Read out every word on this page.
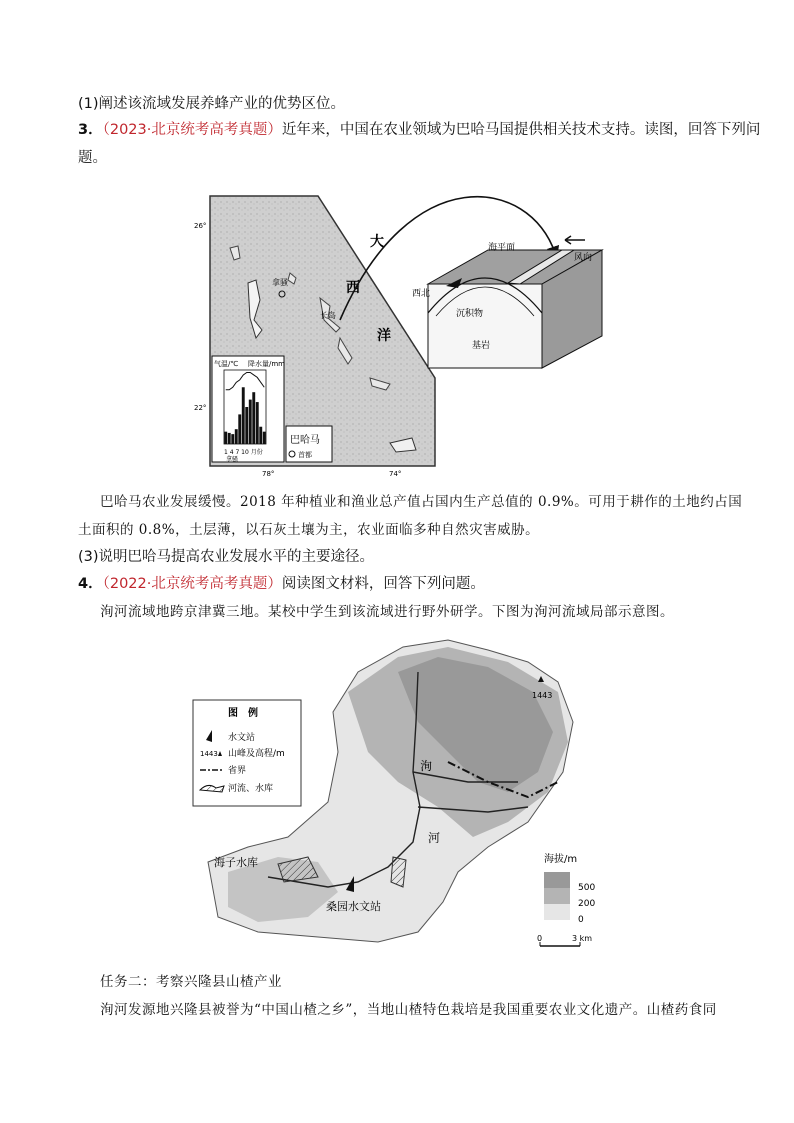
(1)阐述该流域发展养蜂产业的优势区位。
3．（2023·北京统考高考真题）近年来，中国在农业领域为巴哈马国提供相关技术支持。读图，回答下列问
题。
拿骚
长岛
大
西
洋
26°
22°
78°	74°
气温/℃ 降水量/mm
1 4 7 10 月份
拿骚
巴哈马
首都
西北
海平面
风向
沉积物
基岩
巴哈马农业发展缓慢。2018 年种植业和渔业总产值占国内生产总值的 0.9%。可用于耕作的土地约占国
土面积的 0.8%，土层薄，以石灰土壤为主，农业面临多种自然灾害威胁。
(3)说明巴哈马提高农业发展水平的主要途径。
4．（2022·北京统考高考真题）阅读图文材料，回答下列问题。
洵河流域地跨京津冀三地。某校中学生到该流域进行野外研学。下图为洵河流域局部示意图。
1443
洵
河
海子水库
桑园水文站
图　例
水文站
1443 山峰及高程/m
省界
河流、水库
海拔/m
500
200
0
0	3 km
任务二：考察兴隆县山楂产业
洵河发源地兴隆县被誉为“中国山楂之乡”，当地山楂特色栽培是我国重要农业文化遗产。山楂药食同
